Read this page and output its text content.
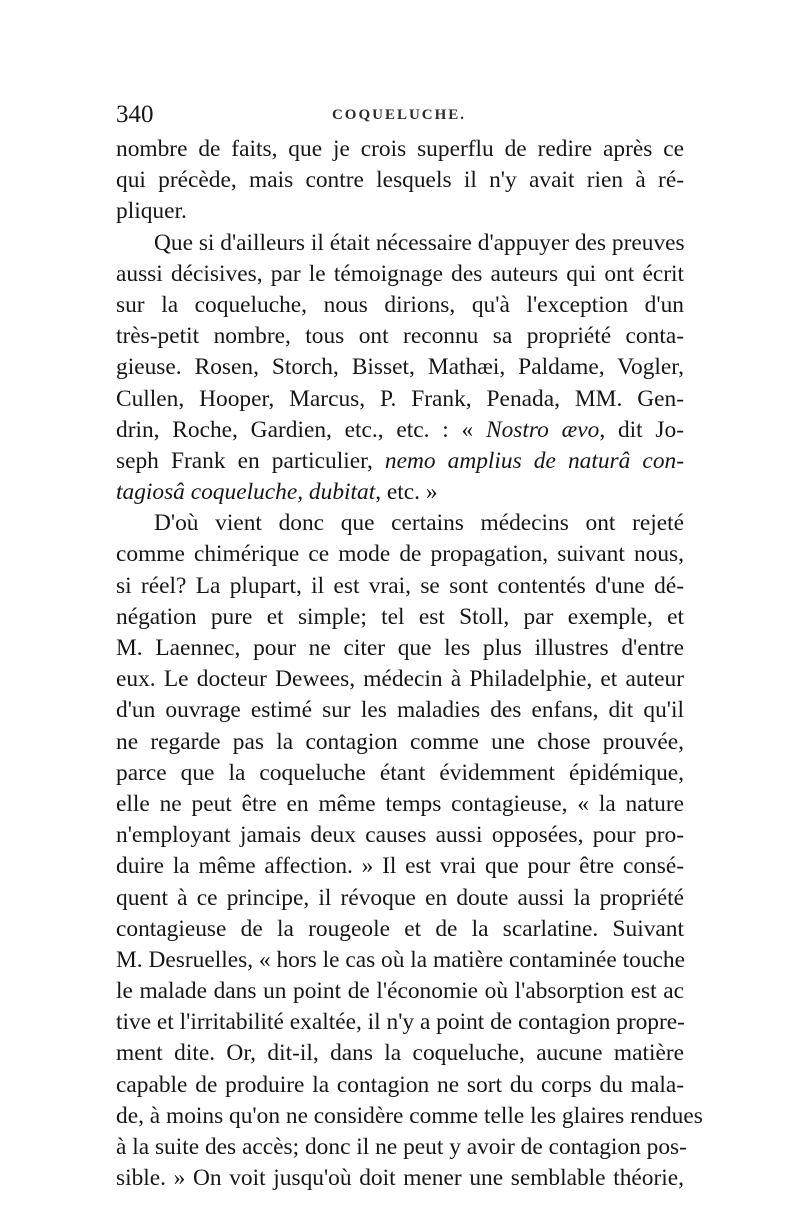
340	COQUELUCHE.
nombre de faits, que je crois superflu de redire après ce
qui précède, mais contre lesquels il n'y avait rien à ré-
pliquer.
Que si d'ailleurs il était nécessaire d'appuyer des preuves
aussi décisives, par le témoignage des auteurs qui ont écrit
sur la coqueluche, nous dirions, qu'à l'exception d'un
très-petit nombre, tous ont reconnu sa propriété conta-
gieuse. Rosen, Storch, Bisset, Mathæi, Paldame, Vogler,
Cullen, Hooper, Marcus, P. Frank, Penada, MM. Gen-
drin, Roche, Gardien, etc., etc. : « Nostro ævo, dit Jo-
seph Frank en particulier, nemo amplius de naturâ con-
tagiosâ coqueluche, dubitat, etc. »
D'où vient donc que certains médecins ont rejeté
comme chimérique ce mode de propagation, suivant nous,
si réel? La plupart, il est vrai, se sont contentés d'une dé-
négation pure et simple; tel est Stoll, par exemple, et
M. Laennec, pour ne citer que les plus illustres d'entre
eux. Le docteur Dewees, médecin à Philadelphie, et auteur
d'un ouvrage estimé sur les maladies des enfans, dit qu'il
ne regarde pas la contagion comme une chose prouvée,
parce que la coqueluche étant évidemment épidémique,
elle ne peut être en même temps contagieuse, « la nature
n'employant jamais deux causes aussi opposées, pour pro-
duire la même affection. » Il est vrai que pour être consé-
quent à ce principe, il révoque en doute aussi la propriété
contagieuse de la rougeole et de la scarlatine. Suivant
M. Desruelles, « hors le cas où la matière contaminée touche
le malade dans un point de l'économie où l'absorption est ac
tive et l'irritabilité exaltée, il n'y a point de contagion propre-
ment dite. Or, dit-il, dans la coqueluche, aucune matière
capable de produire la contagion ne sort du corps du mala-
de, à moins qu'on ne considère comme telle les glaires rendues
à la suite des accès; donc il ne peut y avoir de contagion pos-
sible. » On voit jusqu'où doit mener une semblable théorie,
